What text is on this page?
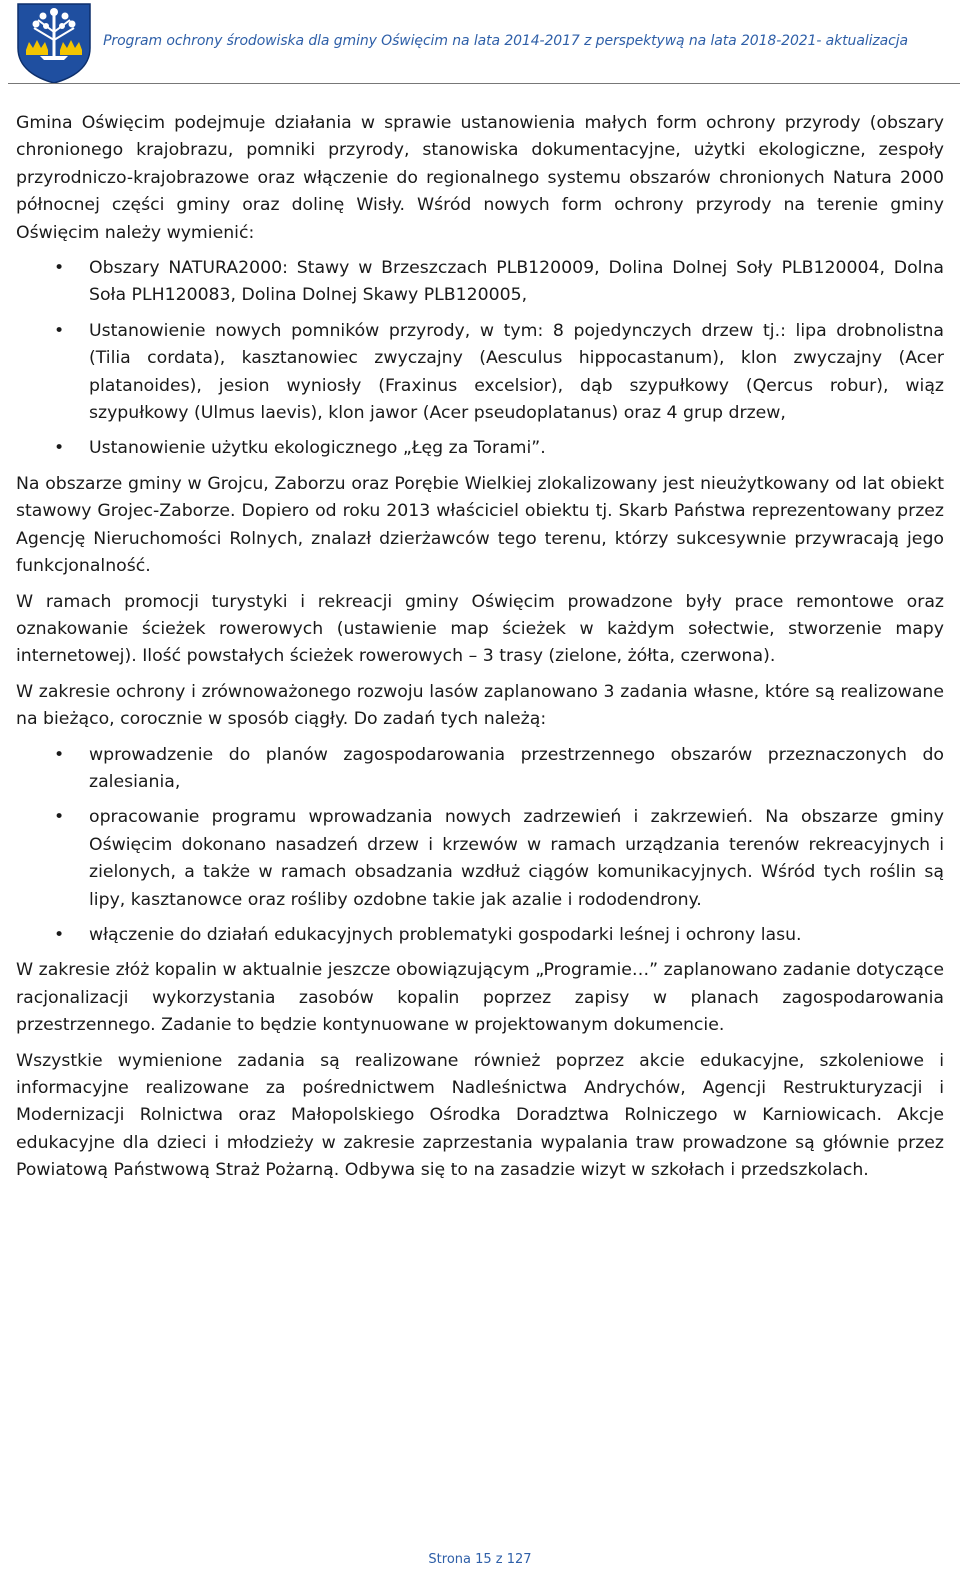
Program ochrony środowiska dla gminy Oświęcim na lata 2014-2017 z perspektywą na lata 2018-2021- aktualizacja

Gmina Oświęcim podejmuje działania w sprawie ustanowienia małych form ochrony przyrody (obszary chronionego krajobrazu, pomniki przyrody, stanowiska dokumentacyjne, użytki ekologiczne, zespoły przyrodniczo-krajobrazowe oraz włączenie do regionalnego systemu obszarów chronionych Natura 2000 północnej części gminy oraz dolinę Wisły. Wśród nowych form ochrony przyrody na terenie gminy Oświęcim należy wymienić:

• Obszary NATURA2000: Stawy w Brzeszczach PLB120009, Dolina Dolnej Soły PLB120004, Dolna Soła PLH120083, Dolina Dolnej Skawy PLB120005,
• Ustanowienie nowych pomników przyrody, w tym: 8 pojedynczych drzew tj.: lipa drobnolistna (Tilia cordata), kasztanowiec zwyczajny (Aesculus hippocastanum), klon zwyczajny (Acer platanoides), jesion wyniosły (Fraxinus excelsior), dąb szypułkowy (Qercus robur), wiąz szypułkowy (Ulmus laevis), klon jawor (Acer pseudoplatanus) oraz 4 grup drzew,
• Ustanowienie użytku ekologicznego „Łęg za Torami”.

Na obszarze gminy w Grojcu, Zaborzu oraz Porębie Wielkiej zlokalizowany jest nieużytkowany od lat obiekt stawowy Grojec-Zaborze. Dopiero od roku 2013 właściciel obiektu tj. Skarb Państwa reprezentowany przez Agencję Nieruchomości Rolnych, znalazł dzierżawców tego terenu, którzy sukcesywnie przywracają jego funkcjonalność.

W ramach promocji turystyki i rekreacji gminy Oświęcim prowadzone były prace remontowe oraz oznakowanie ścieżek rowerowych (ustawienie map ścieżek w każdym sołectwie, stworzenie mapy internetowej). Ilość powstałych ścieżek rowerowych – 3 trasy (zielone, żółta, czerwona).

W zakresie ochrony i zrównoważonego rozwoju lasów zaplanowano 3 zadania własne, które są realizowane na bieżąco, corocznie w sposób ciągły. Do zadań tych należą:

• wprowadzenie do planów zagospodarowania przestrzennego obszarów przeznaczonych do zalesiania,
• opracowanie programu wprowadzania nowych zadrzewień i zakrzewień. Na obszarze gminy Oświęcim dokonano nasadzeń drzew i krzewów w ramach urządzania terenów rekreacyjnych i zielonych, a także w ramach obsadzania wzdłuż ciągów komunikacyjnych. Wśród tych roślin są lipy, kasztanowce oraz rośliby ozdobne takie jak azalie i rododendrony.
• włączenie do działań edukacyjnych problematyki gospodarki leśnej i ochrony lasu.

W zakresie złóż kopalin w aktualnie jeszcze obowiązującym „Programie…” zaplanowano zadanie dotyczące racjonalizacji wykorzystania zasobów kopalin poprzez zapisy w planach zagospodarowania przestrzennego. Zadanie to będzie kontynuowane w projektowanym dokumencie.

Wszystkie wymienione zadania są realizowane również poprzez akcie edukacyjne, szkoleniowe i informacyjne realizowane za pośrednictwem Nadleśnictwa Andrychów, Agencji Restrukturyzacji i Modernizacji Rolnictwa oraz Małopolskiego Ośrodka Doradztwa Rolniczego w Karniowicach. Akcje edukacyjne dla dzieci i młodzieży w zakresie zaprzestania wypalania traw prowadzone są głównie przez Powiatową Państwową Straż Pożarną. Odbywa się to na zasadzie wizyt w szkołach i przedszkolach.

Strona 15 z 127
